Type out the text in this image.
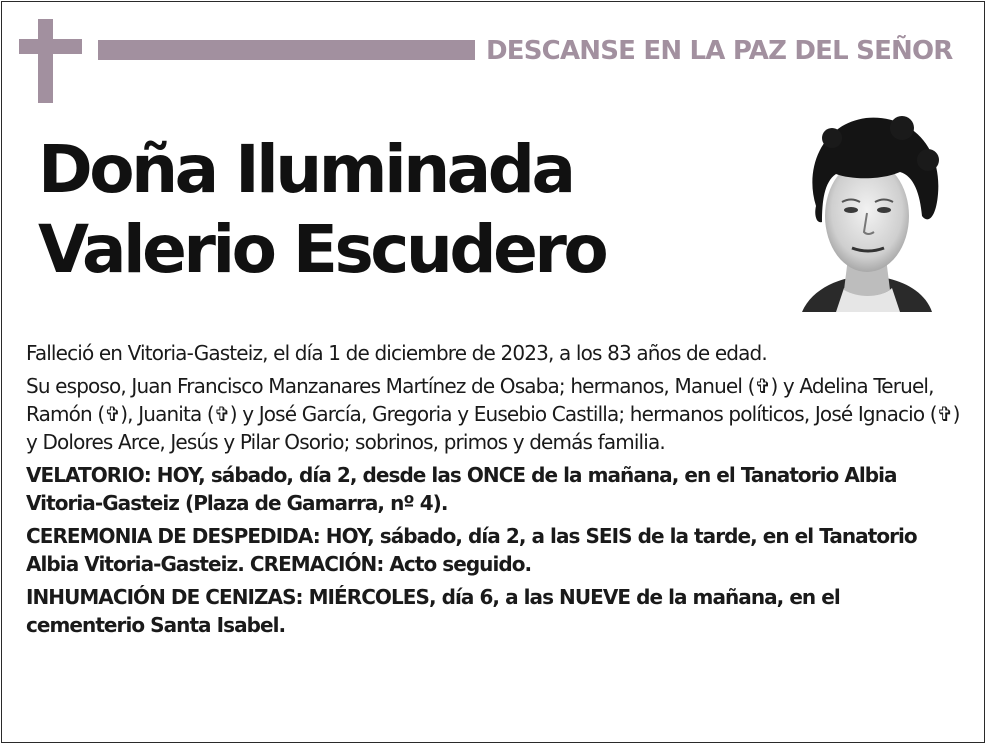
DESCANSE EN LA PAZ DEL SEÑOR
Doña Iluminada
Valerio Escudero

Falleció en Vitoria-Gasteiz, el día 1 de diciembre de 2023, a los 83 años de edad.

Su esposo, Juan Francisco Manzanares Martínez de Osaba; hermanos, Manuel (✞) y Adelina Teruel, Ramón (✞), Juanita (✞) y José García, Gregoria y Eusebio Castilla; hermanos políticos, José Ignacio (✞) y Dolores Arce, Jesús y Pilar Osorio; sobrinos, primos y demás familia.

VELATORIO: HOY, sábado, día 2, desde las ONCE de la mañana, en el Tanatorio Albia Vitoria-Gasteiz (Plaza de Gamarra, nº 4).

CEREMONIA DE DESPEDIDA: HOY, sábado, día 2, a las SEIS de la tarde, en el Tanatorio Albia Vitoria-Gasteiz. CREMACIÓN: Acto seguido.

INHUMACIÓN DE CENIZAS: MIÉRCOLES, día 6, a las NUEVE de la mañana, en el cementerio Santa Isabel.
